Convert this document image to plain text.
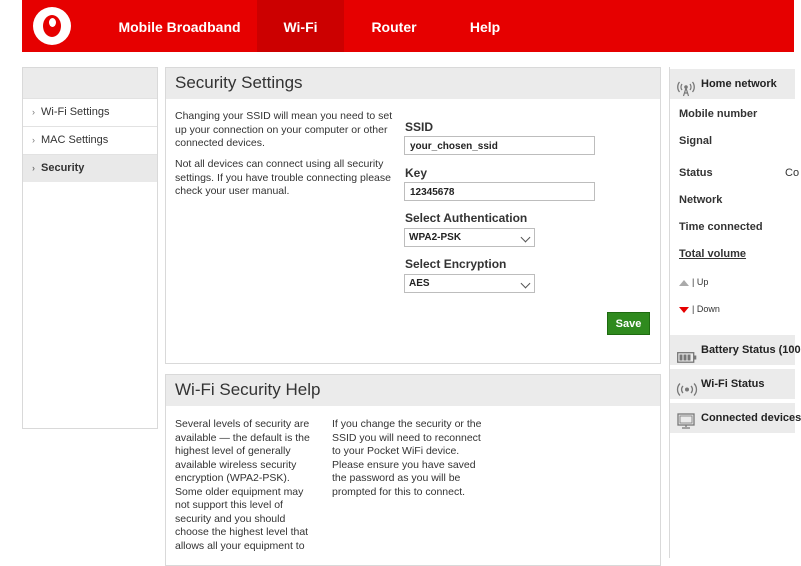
Mobile Broadband	Wi-Fi	Router	Help
› Wi-Fi Settings
› MAC Settings
› Security
Security Settings
Changing your SSID will mean you need to set up your connection on your computer or other connected devices.
Not all devices can connect using all security settings. If you have trouble connecting please check your user manual.
SSID
your_chosen_ssid
Key
12345678
Select Authentication
WPA2-PSK
Select Encryption
AES
Save
Wi-Fi Security Help
Several levels of security are available — the default is the highest level of generally available wireless security encryption (WPA2-PSK). Some older equipment may not support this level of security and you should choose the highest level that allows all your equipment to
If you change the security or the SSID you will need to reconnect to your Pocket WiFi device. Please ensure you have saved the password as you will be prompted for this to connect.
Home network
Mobile number
Signal
Status	Co
Network
Time connected
Total volume
| Up
| Down
Battery Status (100
Wi-Fi Status
Connected devices
